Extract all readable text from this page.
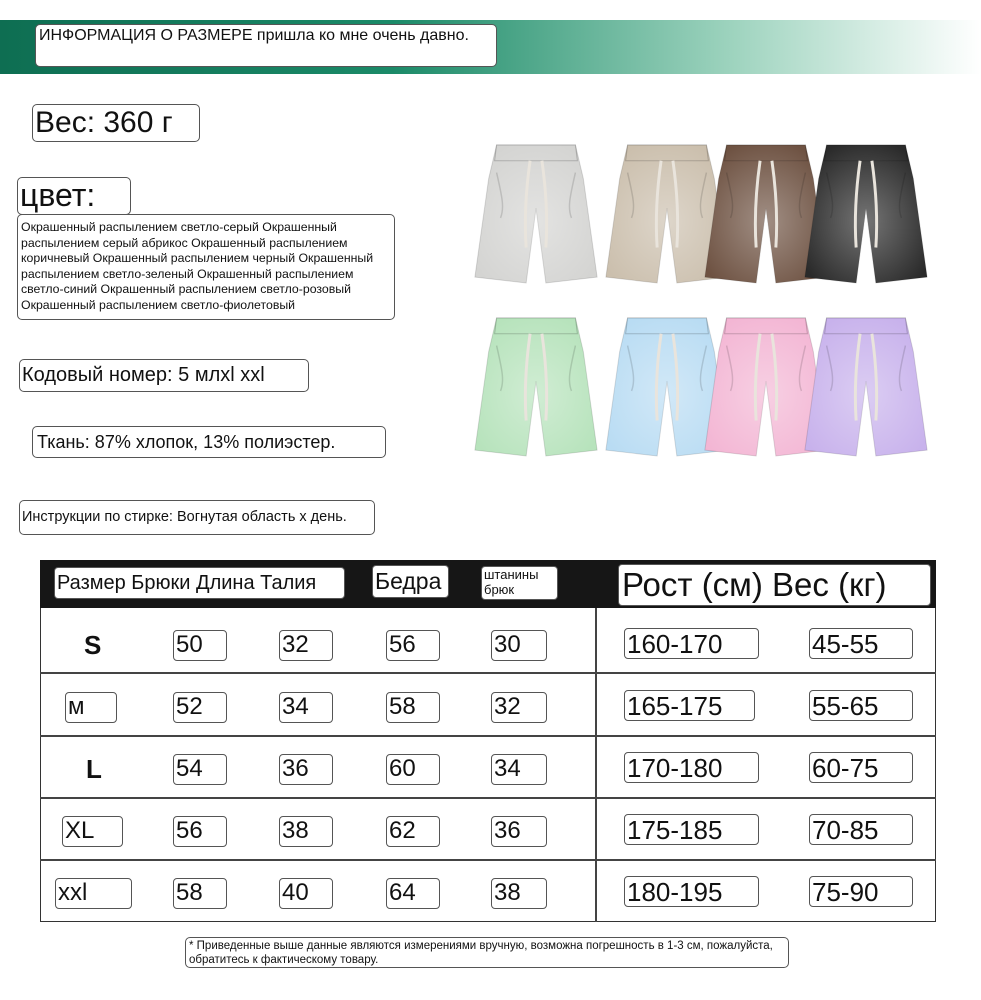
ИНФОРМАЦИЯ О РАЗМЕРЕ пришла ко мне очень давно.
Вес: 360 г
цвет:
Окрашенный распылением светло-серый Окрашенный распылением серый абрикос Окрашенный распылением коричневый Окрашенный распылением черный Окрашенный распылением светло-зеленый Окрашенный распылением светло-синий Окрашенный распылением светло-розовый Окрашенный распылением светло-фиолетовый
Кодовый номер: 5 млxl xxl
Ткань: 87% хлопок, 13% полиэстер.
Инструкции по стирке: Вогнутая область х день.
Размер Брюки Длина Талия	Бедра	штанины брюк	Рост (см) Вес (кг)
S	50	32	56	30	160-170	45-55
м	52	34	58	32	165-175	55-65
L	54	36	60	34	170-180	60-75
XL	56	38	62	36	175-185	70-85
xxl	58	40	64	38	180-195	75-90
* Приведенные выше данные являются измерениями вручную, возможна погрешность в 1-3 см, пожалуйста, обратитесь к фактическому товару.
